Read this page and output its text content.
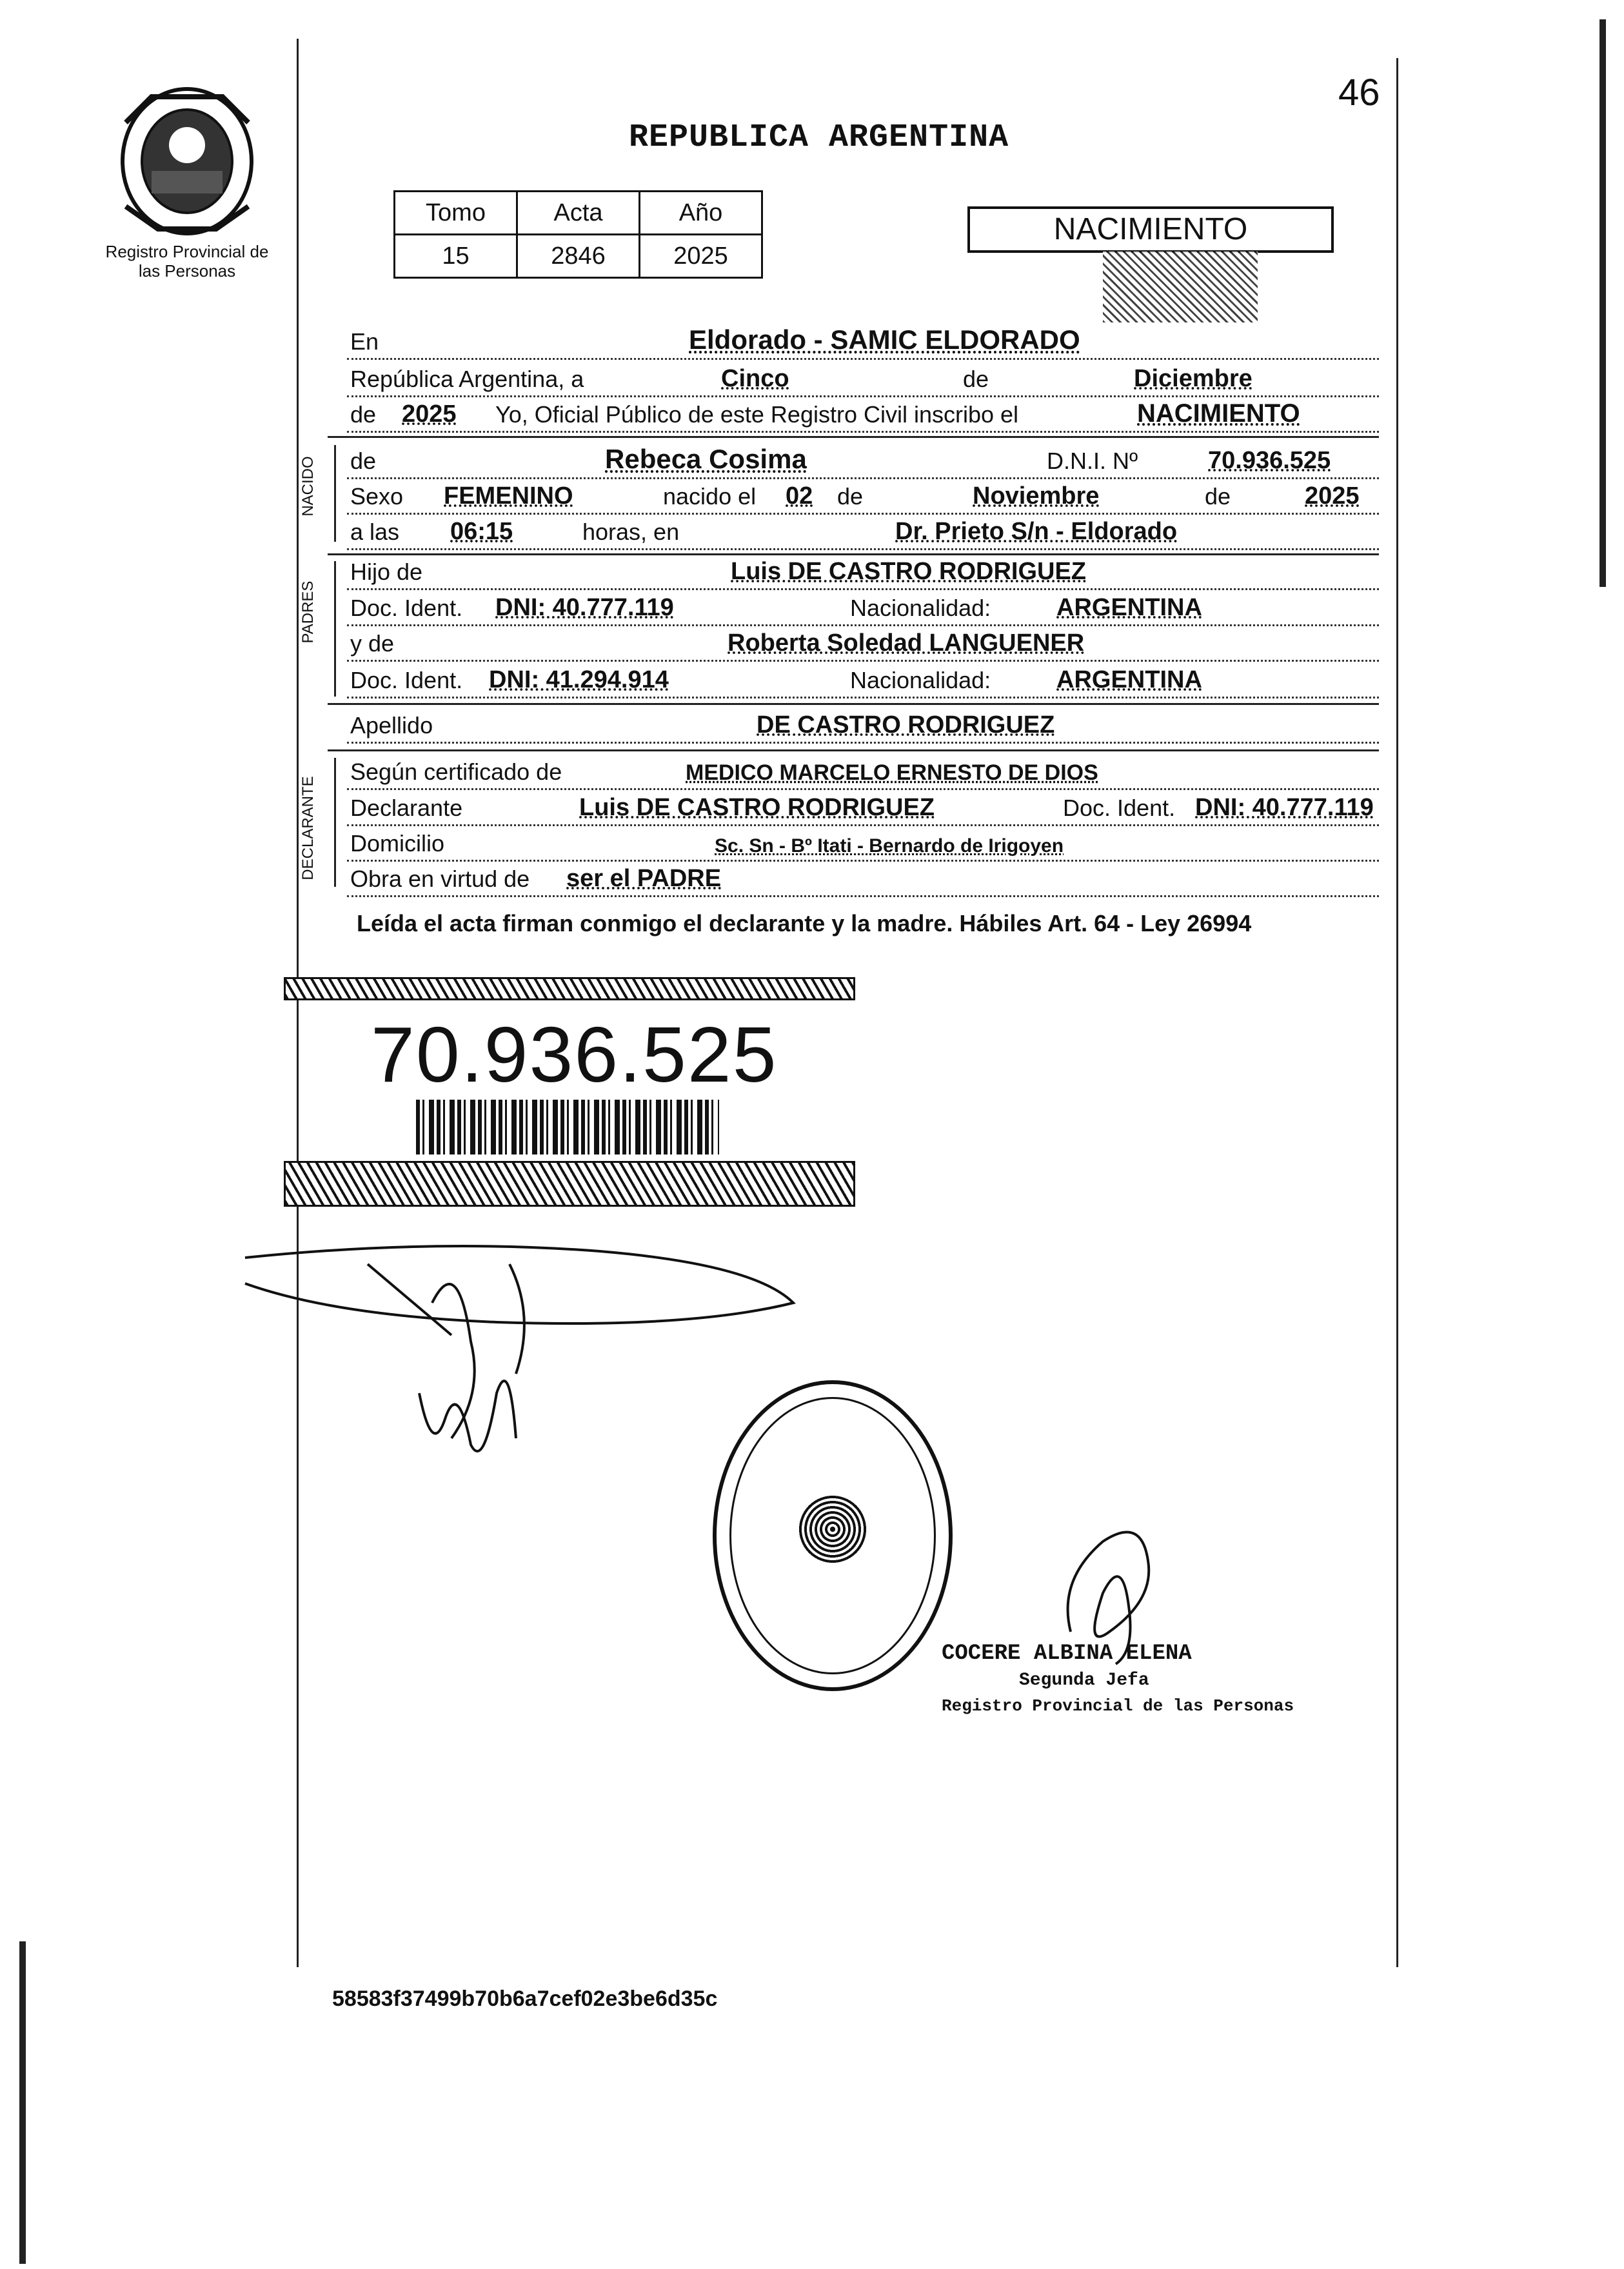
Registro Provincial de las Personas
46
REPUBLICA ARGENTINA
Tomo	Acta	Año
15	2846	2025
NACIMIENTO
En	Eldorado - SAMIC ELDORADO
República Argentina, a	Cinco	de	Diciembre
de 2025 Yo, Oficial Público de este Registro Civil inscribo el	NACIMIENTO
NACIDO de	Rebeca Cosima	D.N.I. Nº	70.936.525
Sexo FEMENINO	nacido el 02 de	Noviembre	de	2025
a las 06:15	horas, en	Dr. Prieto S/n - Eldorado
PADRES
Hijo de	Luis DE CASTRO RODRIGUEZ
Doc. Ident. DNI: 40.777.119	Nacionalidad:	ARGENTINA
y de	Roberta Soledad LANGUENER
Doc. Ident. DNI: 41.294.914	Nacionalidad:	ARGENTINA
Apellido	DE CASTRO RODRIGUEZ
DECLARANTE
Según certificado de	MEDICO MARCELO ERNESTO DE DIOS
Declarante	Luis DE CASTRO RODRIGUEZ	Doc. Ident. DNI: 40.777.119
Domicilio	Sc. Sn - Bº Itati - Bernardo de Irigoyen
Obra en virtud de ser el PADRE
Leída el acta firman conmigo el declarante y la madre. Hábiles Art. 64 - Ley 26994
70.936.525
COCERE ALBINA ELENA
Segunda Jefa
Registro Provincial de las Personas
58583f37499b70b6a7cef02e3be6d35c
